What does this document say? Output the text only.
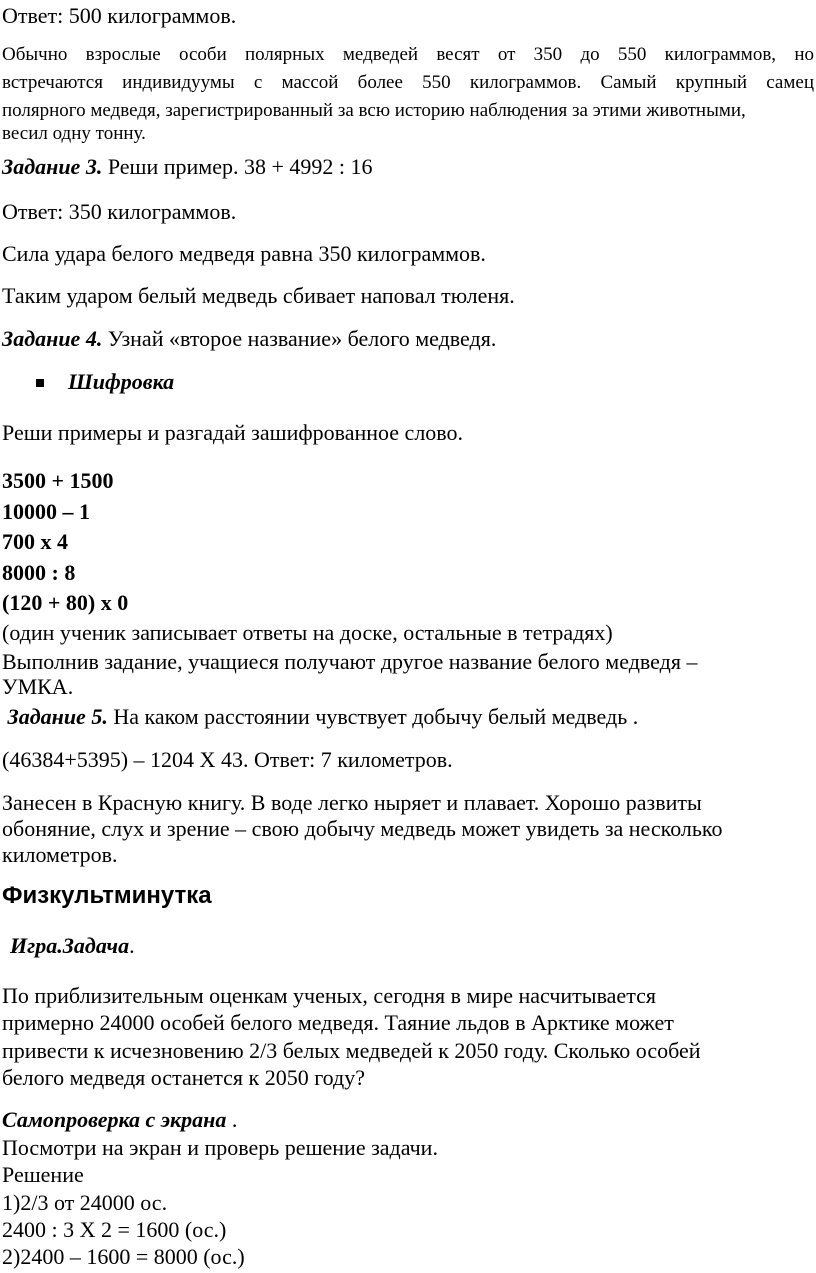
Ответ: 500 килограммов.
Обычно взрослые особи полярных медведей весят от 350 до 550 килограммов, но
встречаются индивидуумы с массой более 550 килограммов. Самый крупный самец
полярного медведя, зарегистрированный за всю историю наблюдения за этими животными,
весил одну тонну.
Задание 3. Реши пример. 38 + 4992 : 16
Ответ: 350 килограммов.
Сила удара белого медведя равна 350 килограммов.
Таким ударом белый медведь сбивает наповал тюленя.
Задание 4. Узнай «второе название» белого медведя.
Шифровка
Реши примеры и разгадай зашифрованное слово.
3500 + 1500
10000 – 1
700 х 4
8000 : 8
(120 + 80) х 0
(один ученик записывает ответы на доске, остальные в тетрадях)
Выполнив задание, учащиеся получают другое название белого медведя –
УМКА.
Задание 5. На каком расстоянии чувствует добычу белый медведь .
(46384+5395) – 1204 Х 43. Ответ: 7 километров.
Занесен в Красную книгу. В воде легко ныряет и плавает. Хорошо развиты
обоняние, слух и зрение – свою добычу медведь может увидеть за несколько
километров.
Физкультминутка
Игра.Задача.
По приблизительным оценкам ученых, сегодня в мире насчитывается
примерно 24000 особей белого медведя. Таяние льдов в Арктике может
привести к исчезновению 2/3 белых медведей к 2050 году. Сколько особей
белого медведя останется к 2050 году?
Самопроверка с экрана .
Посмотри на экран и проверь решение задачи.
Решение
1)2/3 от 24000 ос.
2400 : 3 Х 2 = 1600 (ос.)
2)2400 – 1600 = 8000 (ос.)
